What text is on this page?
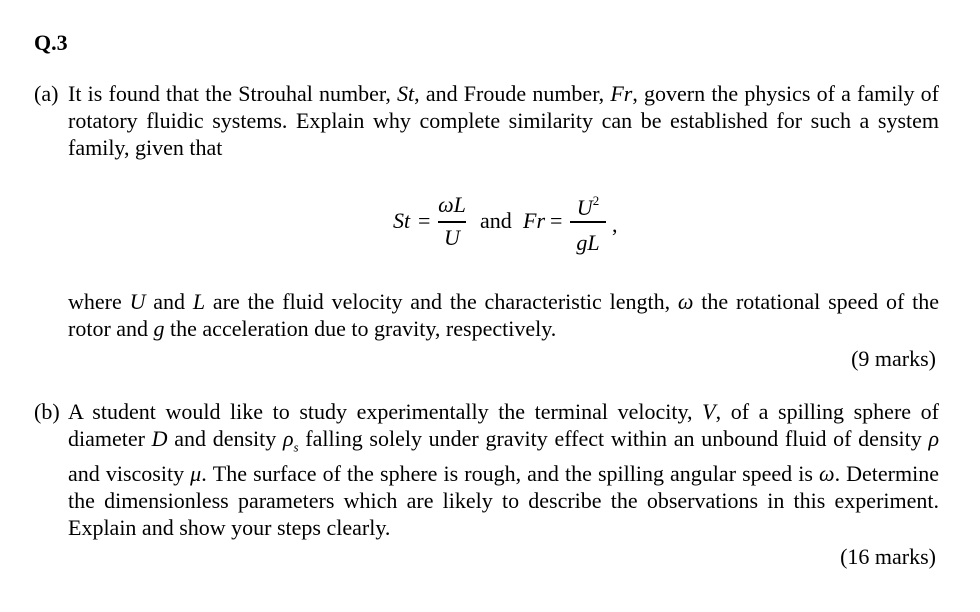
Q.3
(a) It is found that the Strouhal number, St, and Froude number, Fr, govern the physics of a family of rotatory fluidic systems. Explain why complete similarity can be established for such a system family, given that
St =
ωL
U
and Fr =
$U^2$
gL
,
where U and L are the fluid velocity and the characteristic length, ω the rotational speed of the rotor and g the acceleration due to gravity, respectively.
(9 marks)
(b) A student would like to study experimentally the terminal velocity, V, of a spilling sphere of diameter D and density $\rho_s$ falling solely under gravity effect within an unbound fluid of density ρ and viscosity μ. The surface of the sphere is rough, and the spilling angular speed is ω. Determine the dimensionless parameters which are likely to describe the observations in this experiment. Explain and show your steps clearly.
(16 marks)
